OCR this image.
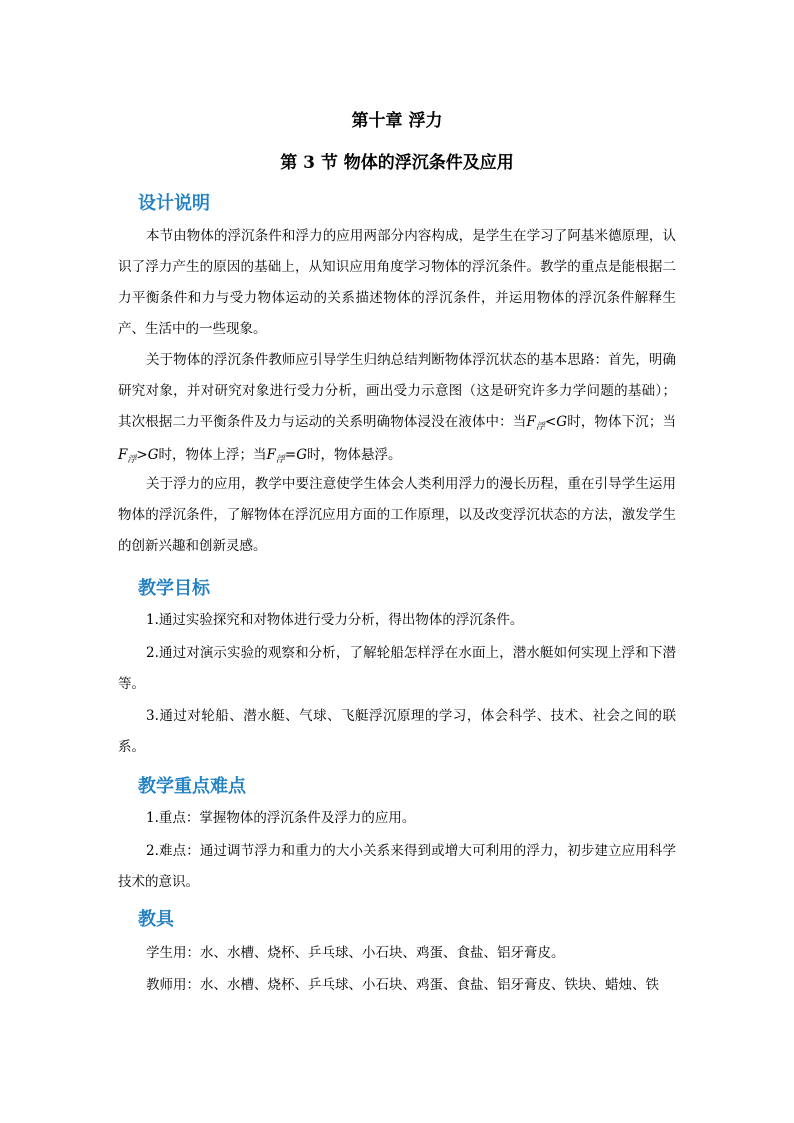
第十章 浮力
第 3 节 物体的浮沉条件及应用
设计说明

本节由物体的浮沉条件和浮力的应用两部分内容构成，是学生在学习了阿基米德原理，认识了浮力产生的原因的基础上，从知识应用角度学习物体的浮沉条件。教学的重点是能根据二力平衡条件和力与受力物体运动的关系描述物体的浮沉条件，并运用物体的浮沉条件解释生产、生活中的一些现象。

关于物体的浮沉条件教师应引导学生归纳总结判断物体浮沉状态的基本思路：首先，明确研究对象，并对研究对象进行受力分析，画出受力示意图（这是研究许多力学问题的基础）；其次根据二力平衡条件及力与运动的关系明确物体浸没在液体中：当$F_浮<G$时，物体下沉；当$F_浮>G$时，物体上浮；当$F_浮=G$时，物体悬浮。

关于浮力的应用，教学中要注意使学生体会人类利用浮力的漫长历程，重在引导学生运用物体的浮沉条件，了解物体在浮沉应用方面的工作原理，以及改变浮沉状态的方法，激发学生的创新兴趣和创新灵感。

教学目标

1.通过实验探究和对物体进行受力分析，得出物体的浮沉条件。

2.通过对演示实验的观察和分析，了解轮船怎样浮在水面上，潜水艇如何实现上浮和下潜等。

3.通过对轮船、潜水艇、气球、飞艇浮沉原理的学习，体会科学、技术、社会之间的联系。

教学重点难点

1.重点：掌握物体的浮沉条件及浮力的应用。

2.难点：通过调节浮力和重力的大小关系来得到或增大可利用的浮力，初步建立应用科学技术的意识。

教具

学生用：水、水槽、烧杯、乒乓球、小石块、鸡蛋、食盐、铝牙膏皮。

教师用：水、水槽、烧杯、乒乓球、小石块、鸡蛋、食盐、铝牙膏皮、铁块、蜡烛、铁
